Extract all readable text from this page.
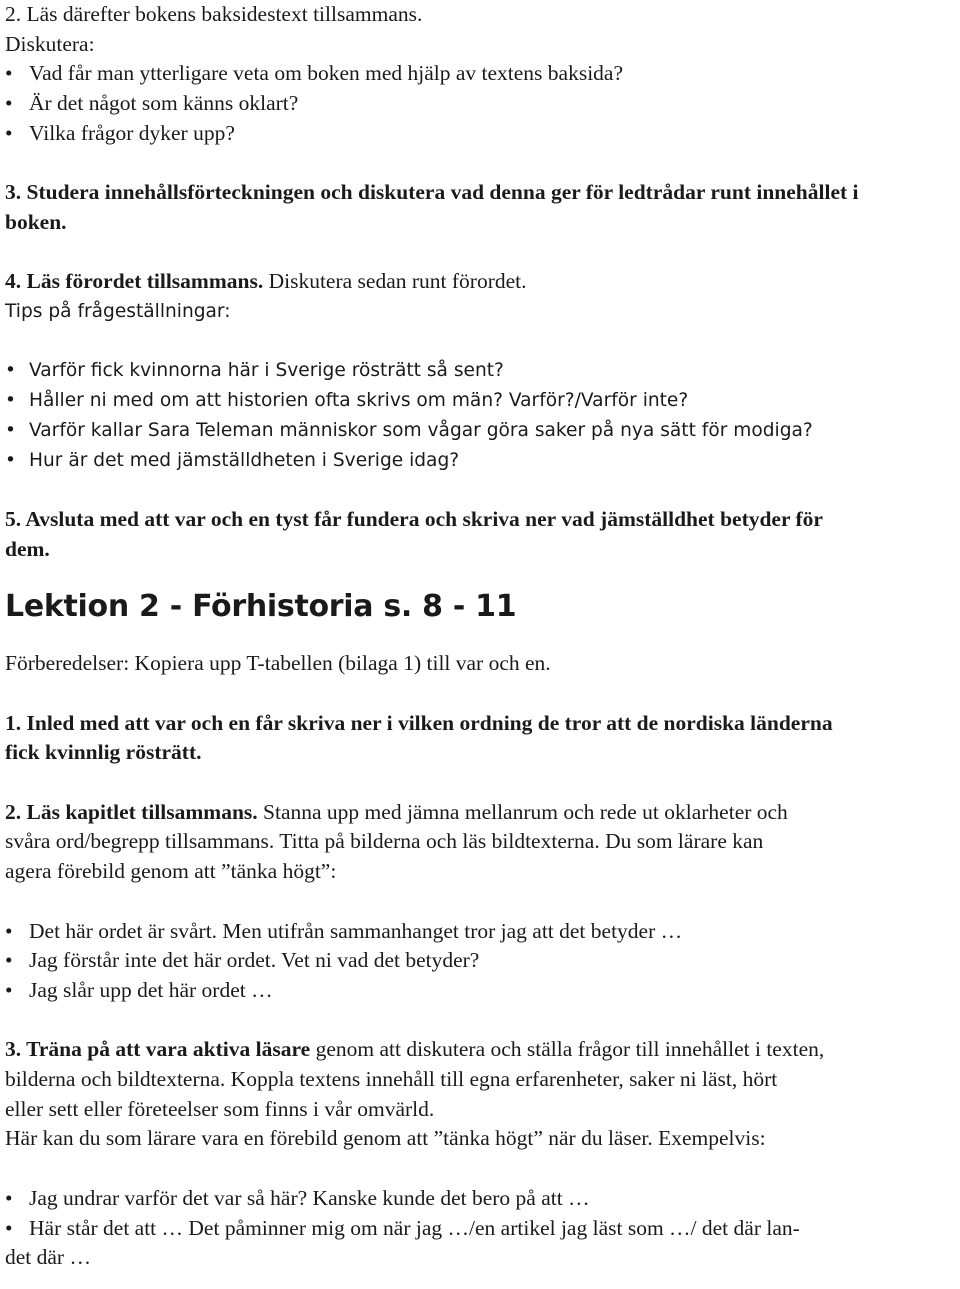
2. Läs därefter bokens baksidestext tillsammans.
Diskutera:
• Vad får man ytterligare veta om boken med hjälp av textens baksida?
• Är det något som känns oklart?
• Vilka frågor dyker upp?
3. Studera innehållsförteckningen och diskutera vad denna ger för ledtrådar runt innehållet i
boken.
4. Läs förordet tillsammans. Diskutera sedan runt förordet.
Tips på frågeställningar:
• Varför fick kvinnorna här i Sverige rösträtt så sent?
• Håller ni med om att historien ofta skrivs om män? Varför?/Varför inte?
• Varför kallar Sara Teleman människor som vågar göra saker på nya sätt för modiga?
• Hur är det med jämställdheten i Sverige idag?
5. Avsluta med att var och en tyst får fundera och skriva ner vad jämställdhet betyder för
dem.
Lektion 2 - Förhistoria s. 8 - 11
Förberedelser: Kopiera upp T-tabellen (bilaga 1) till var och en.
1. Inled med att var och en får skriva ner i vilken ordning de tror att de nordiska länderna
fick kvinnlig rösträtt.
2. Läs kapitlet tillsammans. Stanna upp med jämna mellanrum och rede ut oklarheter och
svåra ord/begrepp tillsammans. Titta på bilderna och läs bildtexterna. Du som lärare kan
agera förebild genom att ”tänka högt”:
• Det här ordet är svårt. Men utifrån sammanhanget tror jag att det betyder …
• Jag förstår inte det här ordet. Vet ni vad det betyder?
• Jag slår upp det här ordet …
3. Träna på att vara aktiva läsare genom att diskutera och ställa frågor till innehållet i texten,
bilderna och bildtexterna. Koppla textens innehåll till egna erfarenheter, saker ni läst, hört
eller sett eller företeelser som finns i vår omvärld.
Här kan du som lärare vara en förebild genom att ”tänka högt” när du läser. Exempelvis:
• Jag undrar varför det var så här? Kanske kunde det bero på att …
• Här står det att … Det påminner mig om när jag …/en artikel jag läst som …/ det där lan-
det där …
